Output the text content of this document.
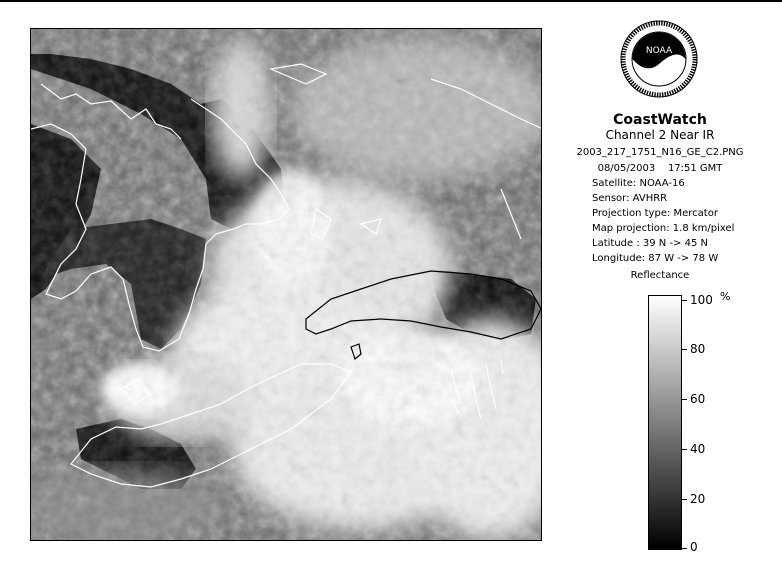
NOAA
CoastWatch
Channel 2 Near IR
2003_217_1751_N16_GE_C2.PNG
08/05/2003 17:51 GMT
Satellite: NOAA-16
Sensor: AVHRR
Projection type: Mercator
Map projection: 1.8 km/pixel
Latitude : 39 N -> 45 N
Longitude: 87 W -> 78 W
Reflectance
%
100
80
60
40
20
0
